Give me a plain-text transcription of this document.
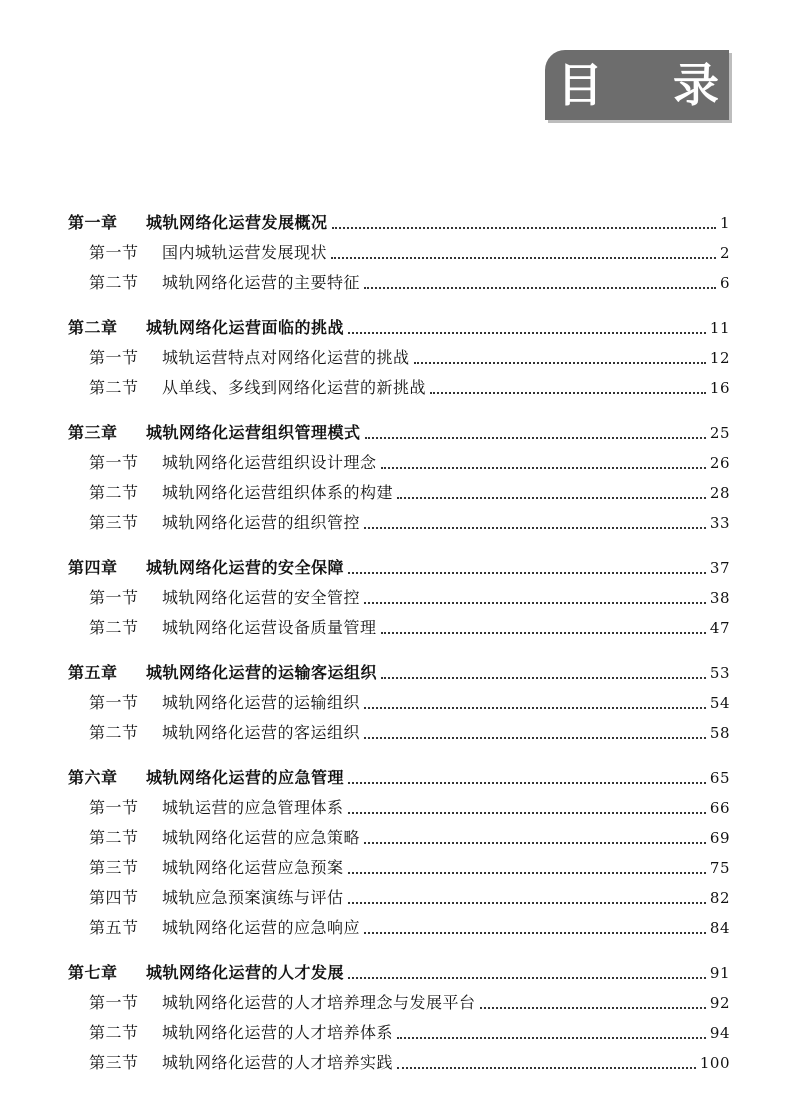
目 录
第一章	城轨网络化运营发展概况	1
第一节	国内城轨运营发展现状	2
第二节	城轨网络化运营的主要特征	6
第二章	城轨网络化运营面临的挑战	11
第一节	城轨运营特点对网络化运营的挑战	12
第二节	从单线、多线到网络化运营的新挑战	16
第三章	城轨网络化运营组织管理模式	25
第一节	城轨网络化运营组织设计理念	26
第二节	城轨网络化运营组织体系的构建	28
第三节	城轨网络化运营的组织管控	33
第四章	城轨网络化运营的安全保障	37
第一节	城轨网络化运营的安全管控	38
第二节	城轨网络化运营设备质量管理	47
第五章	城轨网络化运营的运输客运组织	53
第一节	城轨网络化运营的运输组织	54
第二节	城轨网络化运营的客运组织	58
第六章	城轨网络化运营的应急管理	65
第一节	城轨运营的应急管理体系	66
第二节	城轨网络化运营的应急策略	69
第三节	城轨网络化运营应急预案	75
第四节	城轨应急预案演练与评估	82
第五节	城轨网络化运营的应急响应	84
第七章	城轨网络化运营的人才发展	91
第一节	城轨网络化运营的人才培养理念与发展平台	92
第二节	城轨网络化运营的人才培养体系	94
第三节	城轨网络化运营的人才培养实践	100
